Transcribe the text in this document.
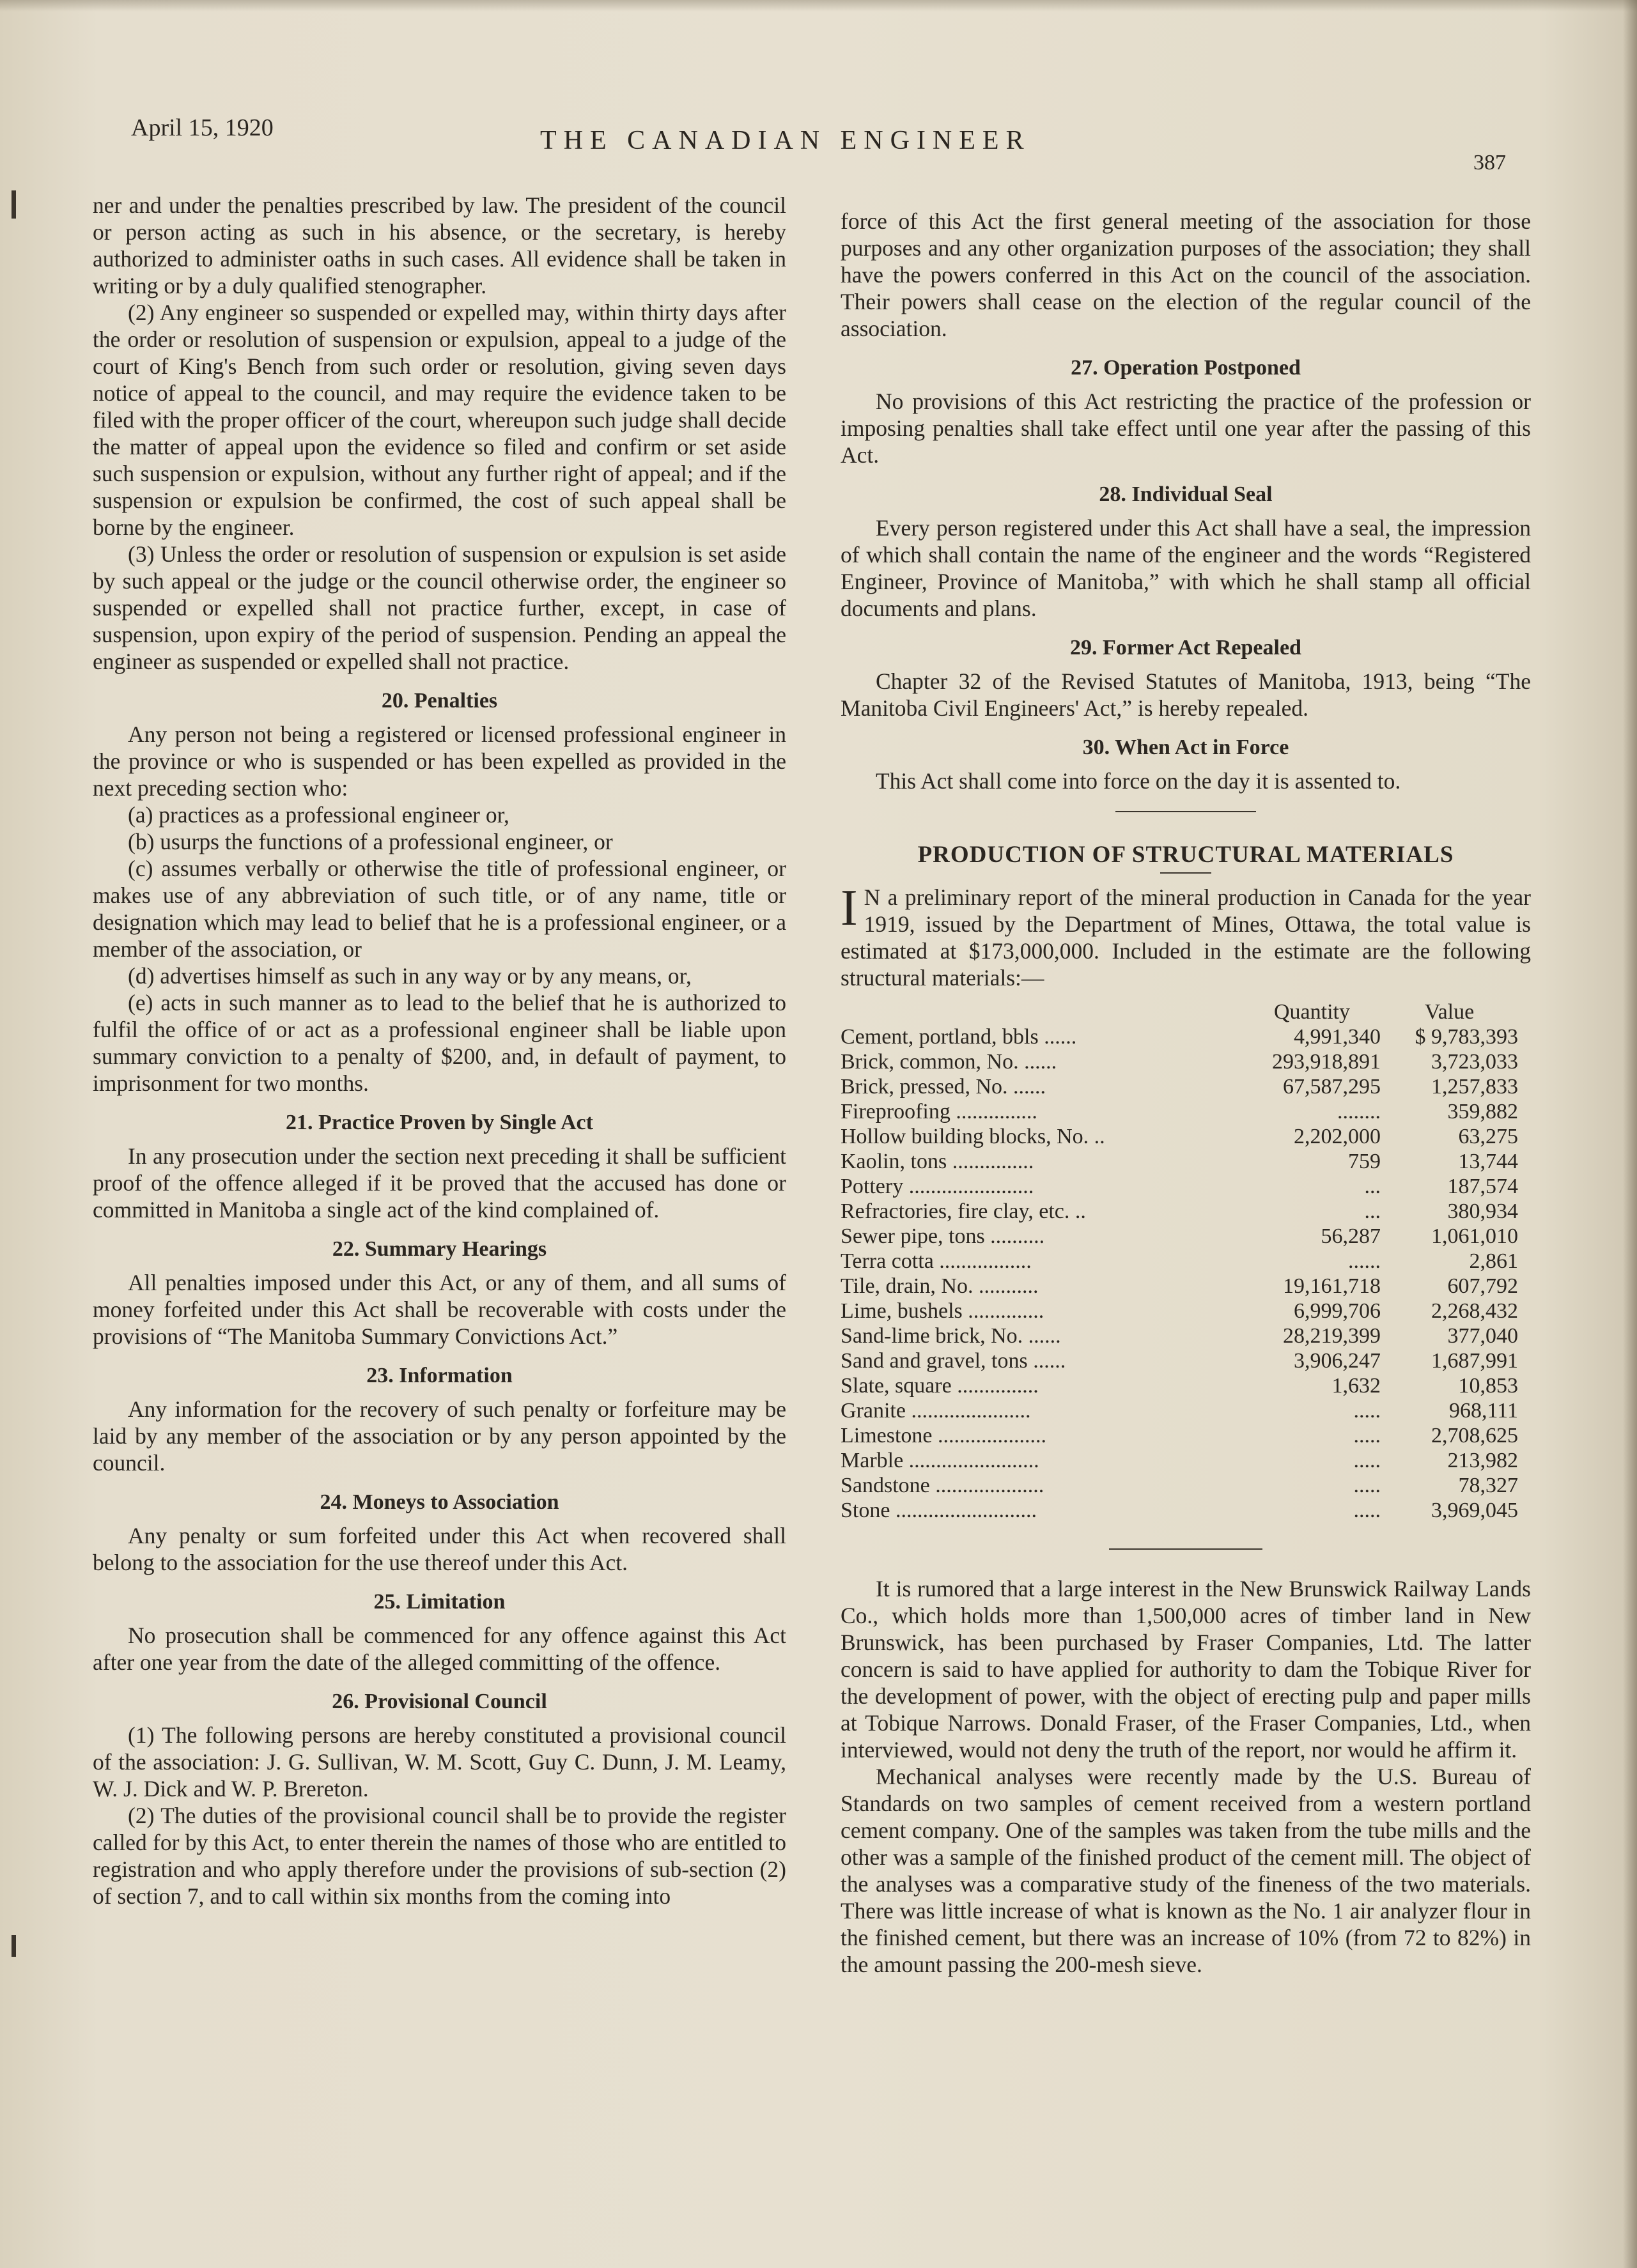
April 15, 1920	THE CANADIAN ENGINEER
387

ner and under the penalties prescribed by law. The president of the council or person acting as such in his absence, or the secretary, is hereby authorized to administer oaths in such cases. All evidence shall be taken in writing or by a duly qualified stenographer.

(2) Any engineer so suspended or expelled may, within thirty days after the order or resolution of suspension or expulsion, appeal to a judge of the court of King's Bench from such order or resolution, giving seven days notice of appeal to the council, and may require the evidence taken to be filed with the proper officer of the court, whereupon such judge shall decide the matter of appeal upon the evidence so filed and confirm or set aside such suspension or expulsion, without any further right of appeal; and if the suspension or expulsion be confirmed, the cost of such appeal shall be borne by the engineer.

(3) Unless the order or resolution of suspension or expulsion is set aside by such appeal or the judge or the council otherwise order, the engineer so suspended or expelled shall not practice further, except, in case of suspension, upon expiry of the period of suspension. Pending an appeal the engineer as suspended or expelled shall not practice.

20. Penalties

Any person not being a registered or licensed professional engineer in the province or who is suspended or has been expelled as provided in the next preceding section who:

(a) practices as a professional engineer or,

(b) usurps the functions of a professional engineer, or

(c) assumes verbally or otherwise the title of professional engineer, or makes use of any abbreviation of such title, or of any name, title or designation which may lead to belief that he is a professional engineer, or a member of the association, or

(d) advertises himself as such in any way or by any means, or,

(e) acts in such manner as to lead to the belief that he is authorized to fulfil the office of or act as a professional engineer shall be liable upon summary conviction to a penalty of $200, and, in default of payment, to imprisonment for two months.

21. Practice Proven by Single Act

In any prosecution under the section next preceding it shall be sufficient proof of the offence alleged if it be proved that the accused has done or committed in Manitoba a single act of the kind complained of.

22. Summary Hearings

All penalties imposed under this Act, or any of them, and all sums of money forfeited under this Act shall be recoverable with costs under the provisions of “The Manitoba Summary Convictions Act.”

23. Information

Any information for the recovery of such penalty or forfeiture may be laid by any member of the association or by any person appointed by the council.

24. Moneys to Association

Any penalty or sum forfeited under this Act when recovered shall belong to the association for the use thereof under this Act.

25. Limitation

No prosecution shall be commenced for any offence against this Act after one year from the date of the alleged committing of the offence.

26. Provisional Council

(1) The following persons are hereby constituted a provisional council of the association: J. G. Sullivan, W. M. Scott, Guy C. Dunn, J. M. Leamy, W. J. Dick and W. P. Brereton.

(2) The duties of the provisional council shall be to provide the register called for by this Act, to enter therein the names of those who are entitled to registration and who apply therefore under the provisions of sub-section (2) of section 7, and to call within six months from the coming into

force of this Act the first general meeting of the association for those purposes and any other organization purposes of the association; they shall have the powers conferred in this Act on the council of the association. Their powers shall cease on the election of the regular council of the association.

27. Operation Postponed

No provisions of this Act restricting the practice of the profession or imposing penalties shall take effect until one year after the passing of this Act.

28. Individual Seal

Every person registered under this Act shall have a seal, the impression of which shall contain the name of the engineer and the words “Registered Engineer, Province of Manitoba,” with which he shall stamp all official documents and plans.

29. Former Act Repealed

Chapter 32 of the Revised Statutes of Manitoba, 1913, being “The Manitoba Civil Engineers' Act,” is hereby repealed.

30. When Act in Force

This Act shall come into force on the day it is assented to.

PRODUCTION OF STRUCTURAL MATERIALS

I N a preliminary report of the mineral production in Canada for the year 1919, issued by the Department of Mines, Ottawa, the total value is estimated at $173,000,000. Included in the estimate are the following structural materials:—

	Quantity	Value
Cement, portland, bbls ......	4,991,340	$ 9,783,393
Brick, common, No. ......	293,918,891	3,723,033
Brick, pressed, No. ......	67,587,295	1,257,833
Fireproofing ...............	........	359,882
Hollow building blocks, No. ..	2,202,000	63,275
Kaolin, tons ...............	759	13,744
Pottery .......................	...	187,574
Refractories, fire clay, etc. ..	...	380,934
Sewer pipe, tons ..........	56,287	1,061,010
Terra cotta .................	......	2,861
Tile, drain, No. ...........	19,161,718	607,792
Lime, bushels ..............	6,999,706	2,268,432
Sand-lime brick, No. ......	28,219,399	377,040
Sand and gravel, tons ......	3,906,247	1,687,991
Slate, square ...............	1,632	10,853
Granite ......................	.....	968,111
Limestone ....................	.....	2,708,625
Marble ........................	.....	213,982
Sandstone ....................	.....	78,327
Stone ..........................	.....	3,969,045

It is rumored that a large interest in the New Brunswick Railway Lands Co., which holds more than 1,500,000 acres of timber land in New Brunswick, has been purchased by Fraser Companies, Ltd. The latter concern is said to have applied for authority to dam the Tobique River for the development of power, with the object of erecting pulp and paper mills at Tobique Narrows. Donald Fraser, of the Fraser Companies, Ltd., when interviewed, would not deny the truth of the report, nor would he affirm it.

Mechanical analyses were recently made by the U.S. Bureau of Standards on two samples of cement received from a western portland cement company. One of the samples was taken from the tube mills and the other was a sample of the finished product of the cement mill. The object of the analyses was a comparative study of the fineness of the two materials. There was little increase of what is known as the No. 1 air analyzer flour in the finished cement, but there was an increase of 10% (from 72 to 82%) in the amount passing the 200-mesh sieve.
